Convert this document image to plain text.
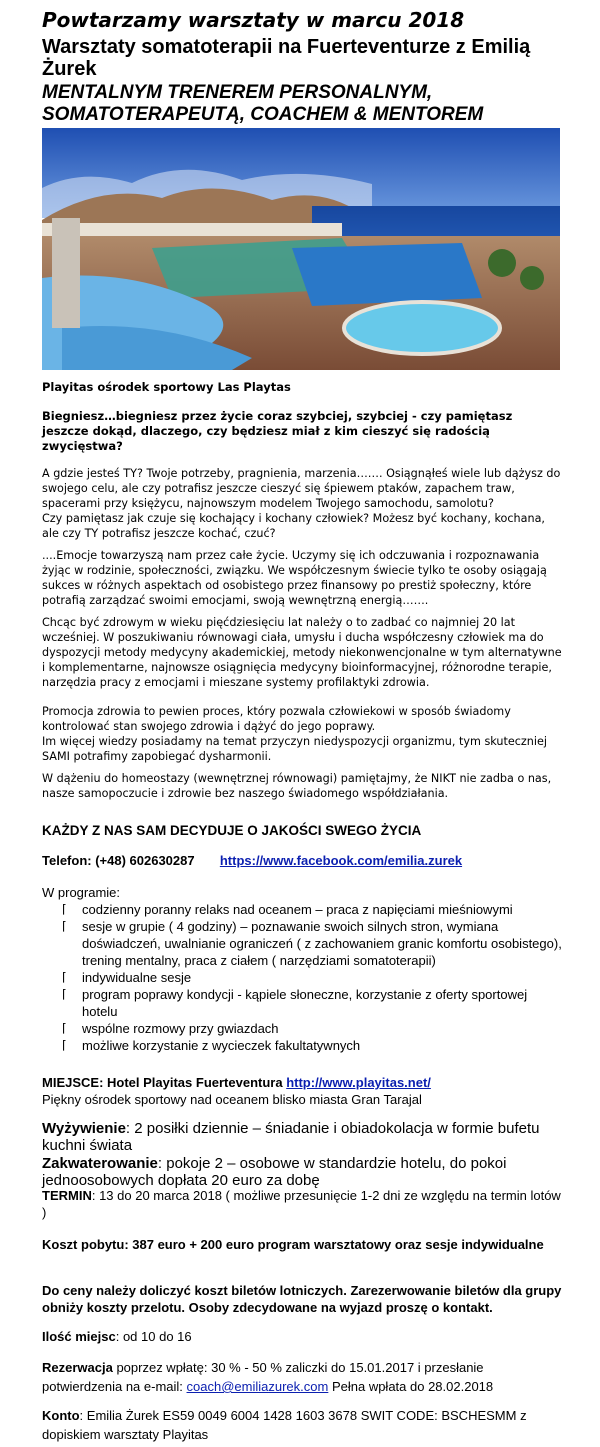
Powtarzamy warsztaty w marcu 2018
Warsztaty somatoterapii na Fuerteventurze z Emilią Żurek
MENTALNYM TRENEREM PERSONALNYM, SOMATOTERAPEUTĄ, COACHEM & MENTOREM
Playitas ośrodek sportowy Las Playtas
Biegniesz…biegniesz przez życie coraz szybciej, szybciej - czy pamiętasz jeszcze dokąd, dlaczego, czy będziesz miał z kim cieszyć się radością zwycięstwa?
A gdzie jesteś TY? Twoje potrzeby, pragnienia, marzenia……. Osiągnąłeś wiele lub dążysz do swojego celu, ale czy potrafisz jeszcze cieszyć się śpiewem ptaków, zapachem traw, spacerami przy księżycu, najnowszym modelem Twojego samochodu, samolotu?
Czy pamiętasz jak czuje się kochający i kochany człowiek? Możesz być kochany, kochana, ale czy TY potrafisz jeszcze kochać, czuć?
....Emocje towarzyszą nam przez całe życie. Uczymy się ich odczuwania i rozpoznawania żyjąc w rodzinie, społeczności, związku. We współczesnym świecie tylko te osoby osiągają sukces w różnych aspektach od osobistego przez finansowy po prestiż społeczny, które potrafią zarządzać swoimi emocjami, swoją wewnętrzną energią…….
Chcąc być zdrowym w wieku pięćdziesięciu lat należy o to zadbać co najmniej 20 lat wcześniej. W poszukiwaniu równowagi ciała, umysłu i ducha współczesny człowiek ma do dyspozycji metody medycyny akademickiej, metody niekonwencjonalne w tym alternatywne i komplementarne, najnowsze osiągnięcia medycyny bioinformacyjnej, różnorodne terapie, narzędzia pracy z emocjami i mieszane systemy profilaktyki zdrowia.
Promocja zdrowia to pewien proces, który pozwala człowiekowi w sposób świadomy kontrolować stan swojego zdrowia i dążyć do jego poprawy.
Im więcej wiedzy posiadamy na temat przyczyn niedyspozycji organizmu, tym skuteczniej SAMI potrafimy zapobiegać dysharmonii.
W dążeniu do homeostazy (wewnętrznej równowagi) pamiętajmy, że NIKT nie zadba o nas, nasze samopoczucie i zdrowie bez naszego świadomego współdziałania.
KAŻDY Z NAS SAM DECYDUJE O JAKOŚCI SWEGO ŻYCIA
Telefon: (+48) 602630287 https://www.facebook.com/emilia.zurek
W programie:
⌈ codzienny poranny relaks nad oceanem – praca z napięciami mieśniowymi
⌈ sesje w grupie ( 4 godziny) – poznawanie swoich silnych stron, wymiana doświadczeń, uwalnianie ograniczeń ( z zachowaniem granic komfortu osobistego), trening mentalny, praca z ciałem ( narzędziami somatoterapii)
⌈ indywidualne sesje
⌈ program poprawy kondycji - kąpiele słoneczne, korzystanie z oferty sportowej hotelu
⌈ wspólne rozmowy przy gwiazdach
⌈ możliwe korzystanie z wycieczek fakultatywnych
MIEJSCE: Hotel Playitas Fuerteventura http://www.playitas.net/
Piękny ośrodek sportowy nad oceanem blisko miasta Gran Tarajal
Wyżywienie: 2 posiłki dziennie – śniadanie i obiadokolacja w formie bufetu kuchni świata
Zakwaterowanie: pokoje 2 – osobowe w standardzie hotelu, do pokoi jednoosobowych dopłata 20 euro za dobę
TERMIN: 13 do 20 marca 2018 ( możliwe przesunięcie 1-2 dni ze względu na termin lotów )
Koszt pobytu: 387 euro + 200 euro program warsztatowy oraz sesje indywidualne
Do ceny należy doliczyć koszt biletów lotniczych. Zarezerwowanie biletów dla grupy obniży koszty przelotu. Osoby zdecydowane na wyjazd proszę o kontakt.
Ilość miejsc: od 10 do 16
Rezerwacja poprzez wpłatę: 30 % - 50 % zaliczki do 15.01.2017 i przesłanie potwierdzenia na e-mail: coach@emiliazurek.com Pełna wpłata do 28.02.2018
Konto: Emilia Żurek ES59 0049 6004 1428 1603 3678 SWIT CODE: BSCHESMM z dopiskiem warsztaty Playitas
